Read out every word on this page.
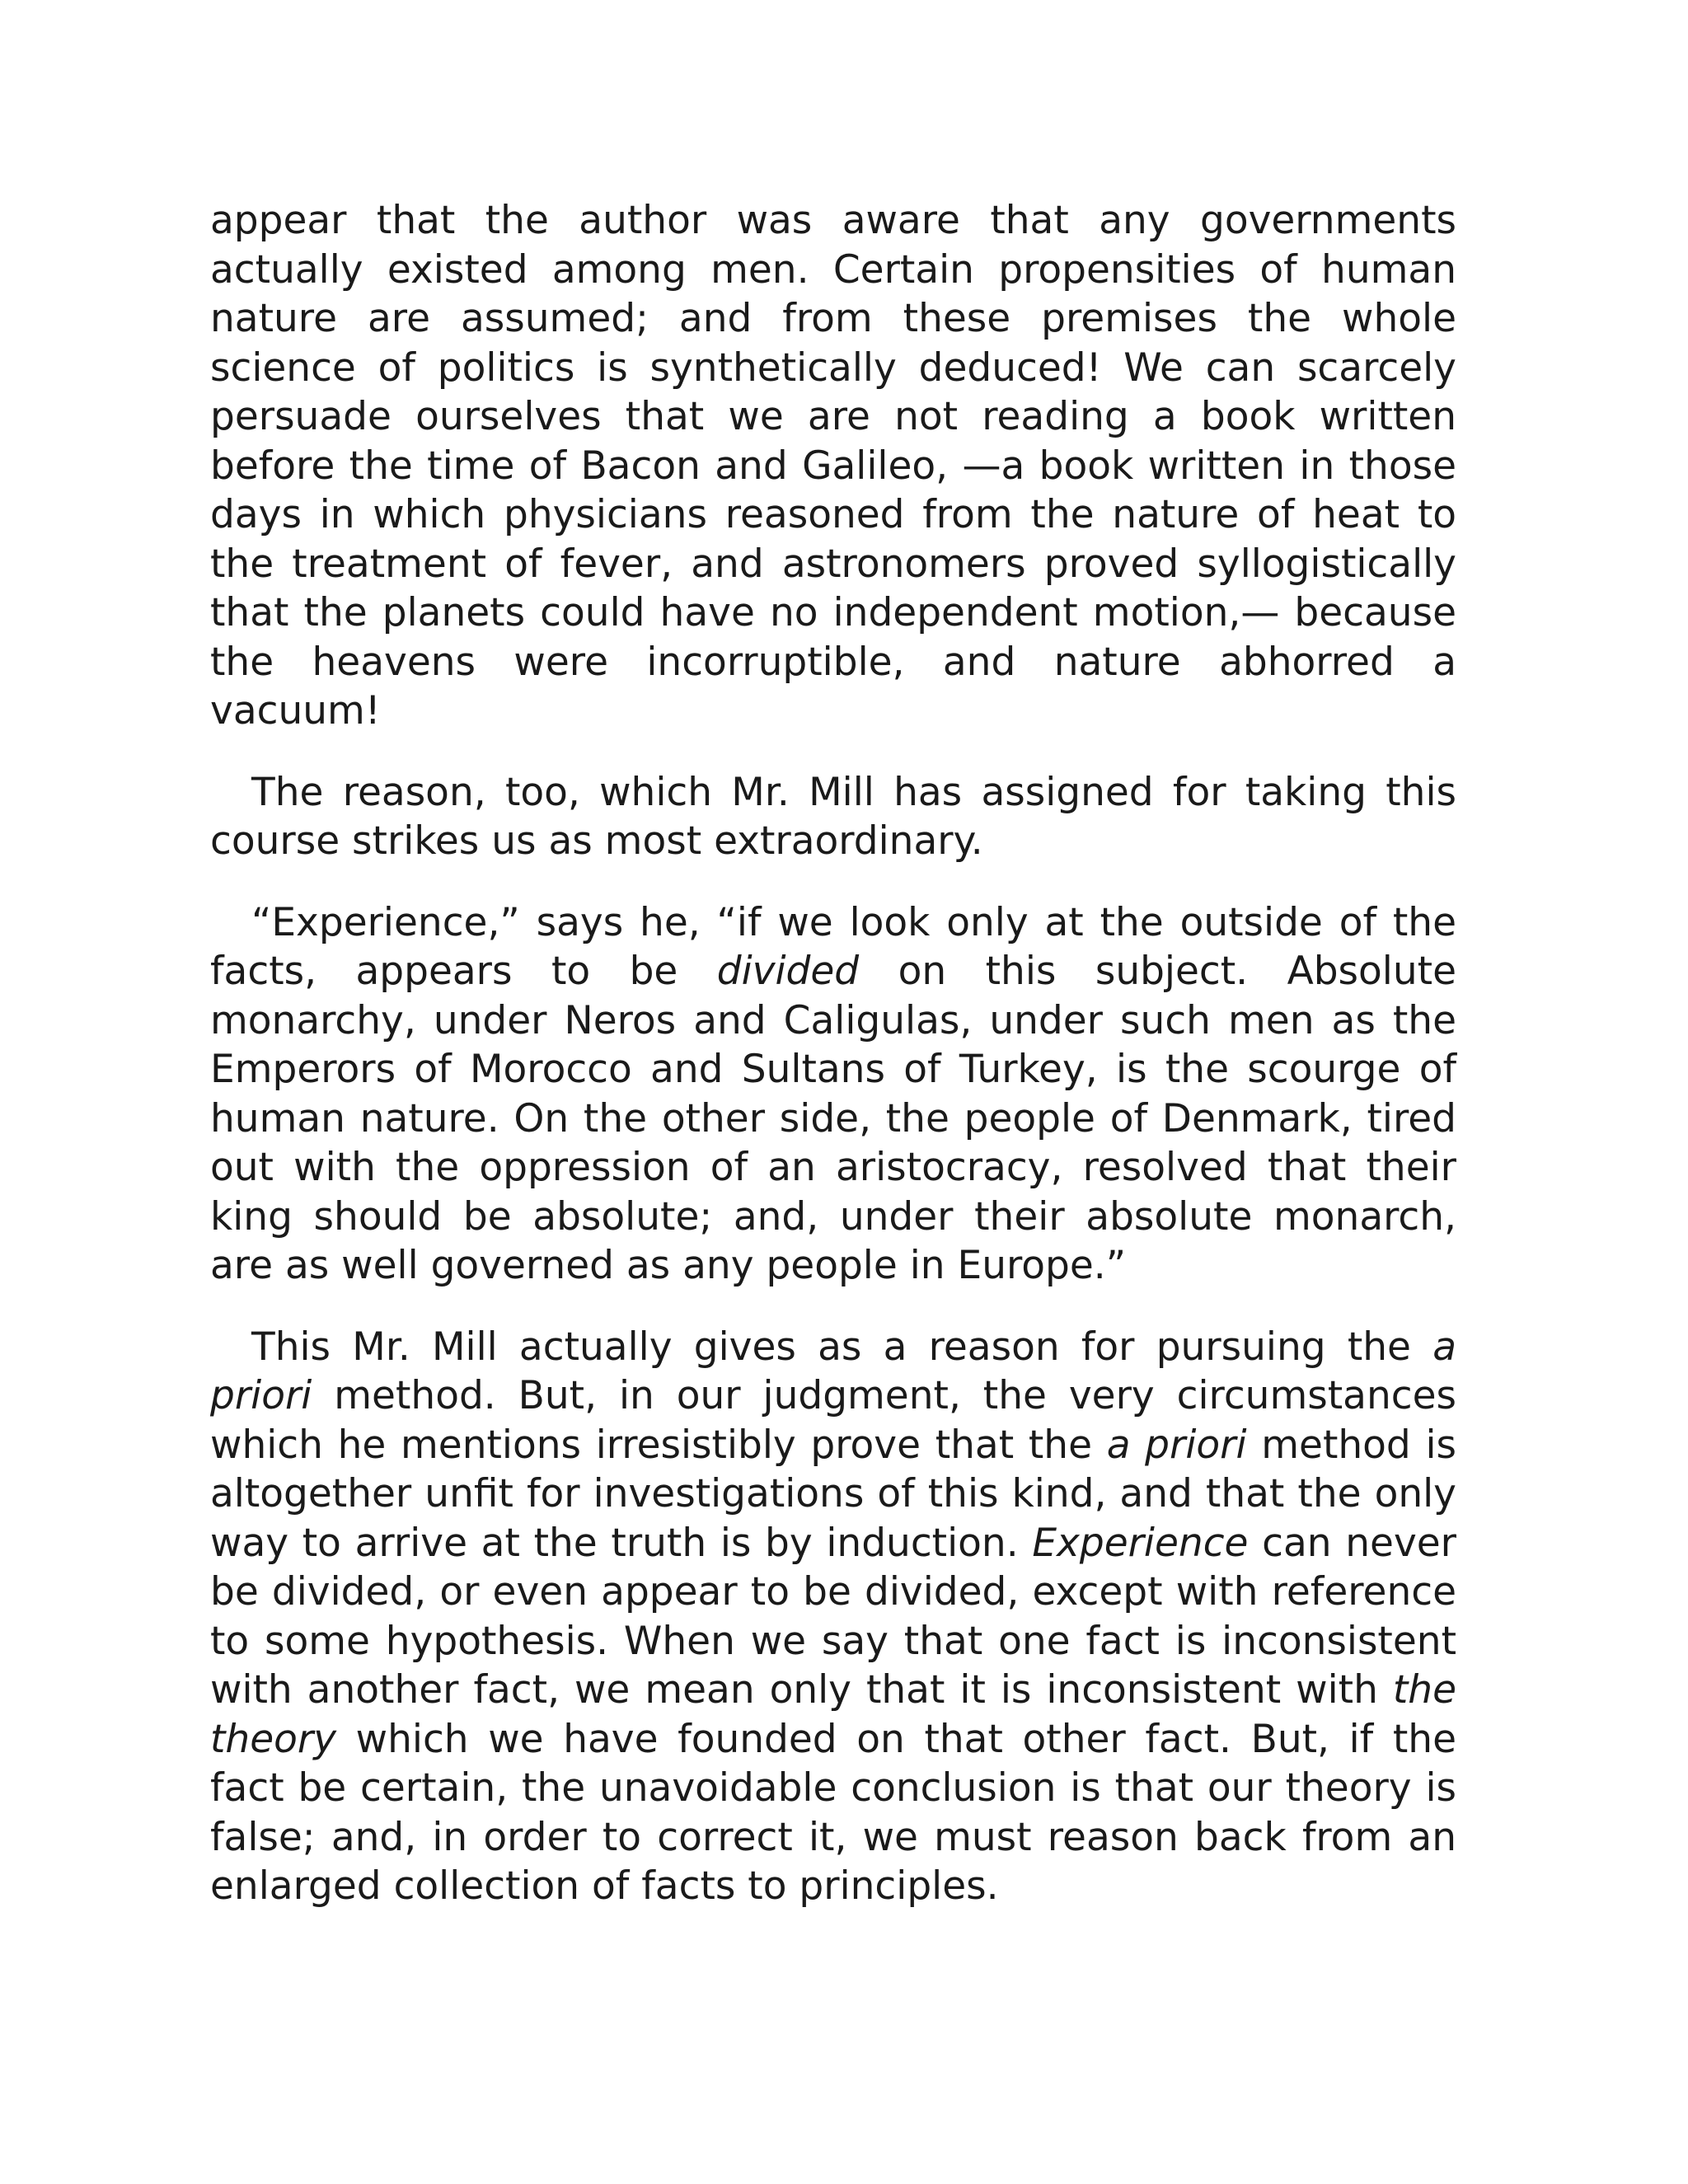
appear that the author was aware that any governments actually existed among men. Certain propensities of human nature are assumed; and from these premises the whole science of politics is synthetically deduced! We can scarcely persuade ourselves that we are not reading a book written before the time of Bacon and Galileo, —a book written in those days in which physicians reasoned from the nature of heat to the treatment of fever, and astronomers proved syllogistically that the planets could have no independent motion,— because the heavens were incorruptible, and nature abhorred a vacuum!

The reason, too, which Mr. Mill has assigned for taking this course strikes us as most extraordinary.

“Experience,” says he, “if we look only at the outside of the facts, appears to be divided on this subject. Absolute monarchy, under Neros and Caligulas, under such men as the Emperors of Morocco and Sultans of Turkey, is the scourge of human nature. On the other side, the people of Denmark, tired out with the oppression of an aristocracy, resolved that their king should be absolute; and, under their absolute monarch, are as well governed as any people in Europe.”

This Mr. Mill actually gives as a reason for pursuing the a priori method. But, in our judgment, the very circumstances which he mentions irresistibly prove that the a priori method is altogether unfit for investigations of this kind, and that the only way to arrive at the truth is by induction. Experience can never be divided, or even appear to be divided, except with reference to some hypothesis. When we say that one fact is inconsistent with another fact, we mean only that it is inconsistent with the theory which we have founded on that other fact. But, if the fact be certain, the unavoidable conclusion is that our theory is false; and, in order to correct it, we must reason back from an enlarged collection of facts to principles.
